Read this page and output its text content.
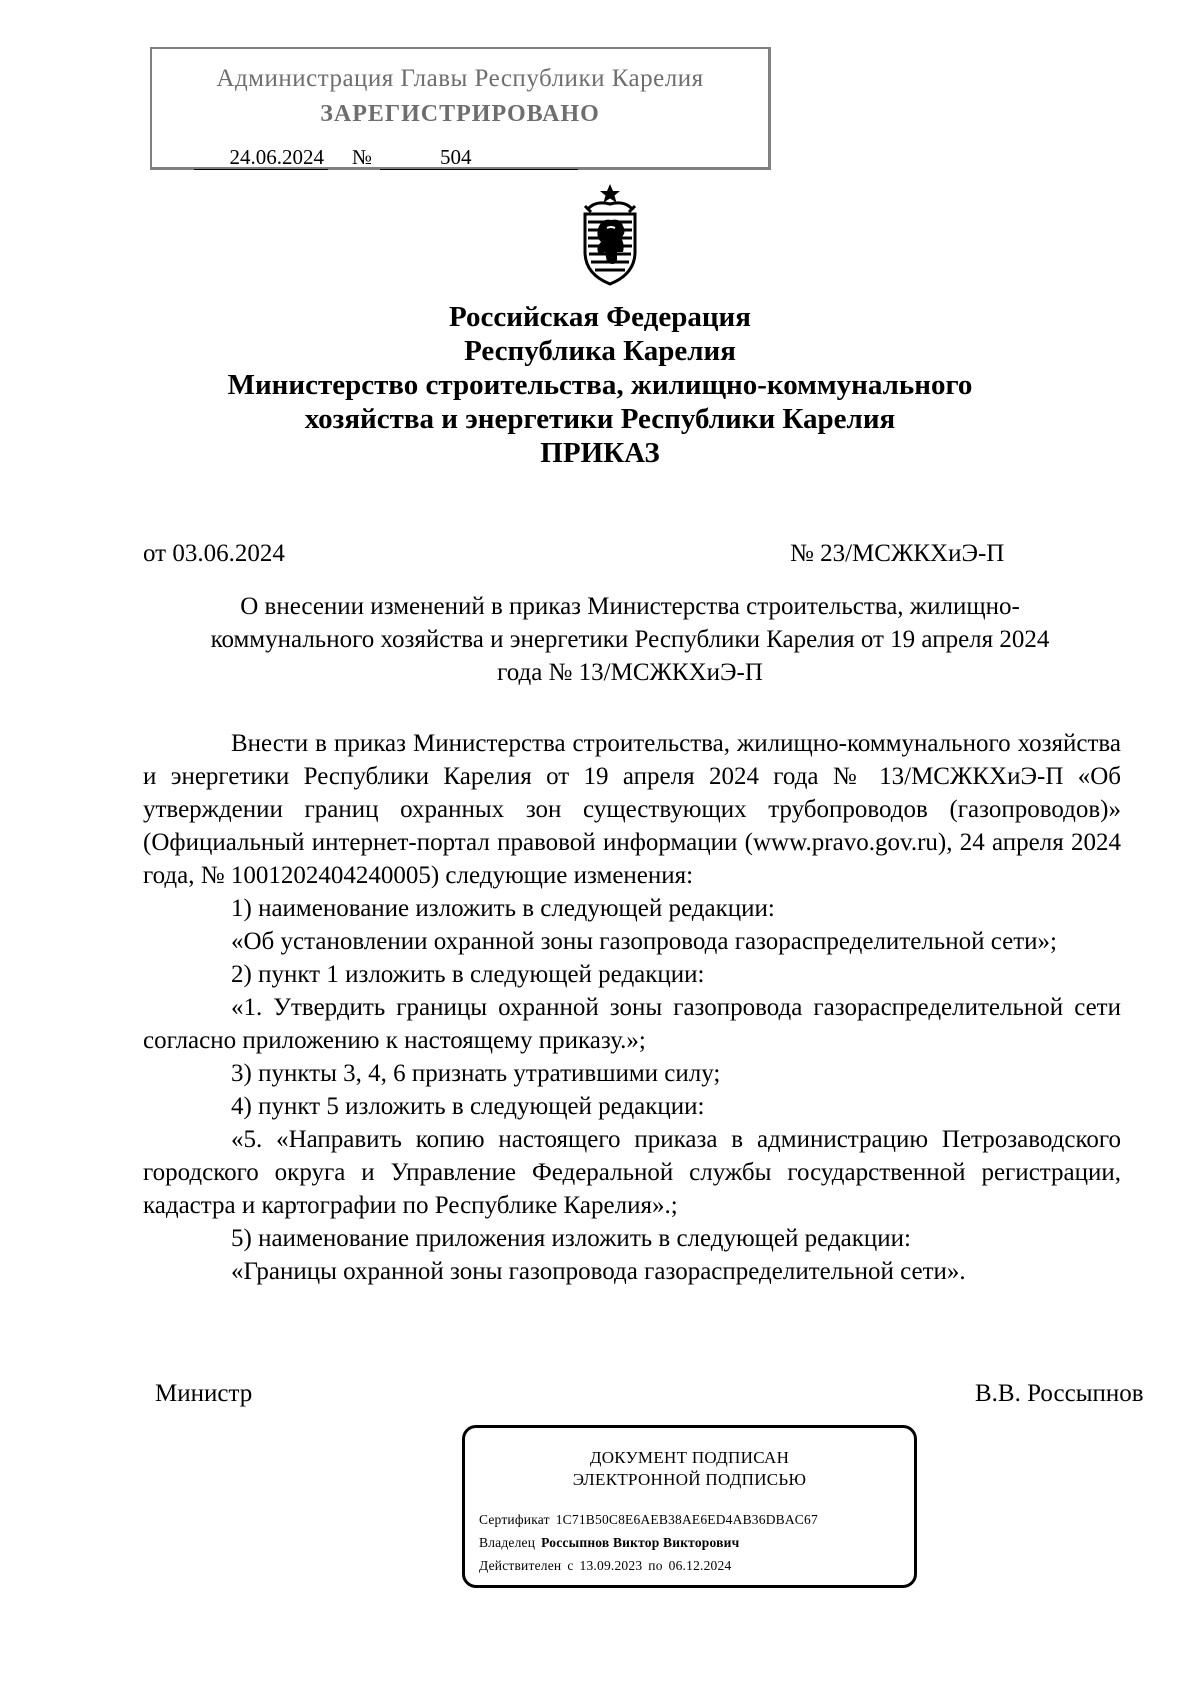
Администрация Главы Республики Карелия
ЗАРЕГИСТРИРОВАНО
24.06.2024 №	504
Российская Федерация
Республика Карелия
Министерство строительства, жилищно-коммунального
хозяйства и энергетики Республики Карелия
ПРИКАЗ
от 03.06.2024	№ 23/МСЖКХиЭ-П
О внесении изменений в приказ Министерства строительства, жилищно-
коммунального хозяйства и энергетики Республики Карелия от 19 апреля 2024
года № 13/МСЖКХиЭ-П

Внести в приказ Министерства строительства, жилищно-коммунального хозяйства и энергетики Республики Карелия от 19 апреля 2024 года № 13/МСЖКХиЭ-П «Об утверждении границ охранных зон существующих трубопроводов (газопроводов)» (Официальный интернет-портал правовой информации (www.pravo.gov.ru), 24 апреля 2024 года, № 1001202404240005) следующие изменения:

1) наименование изложить в следующей редакции:

«Об установлении охранной зоны газопровода газораспределительной сети»;

2) пункт 1 изложить в следующей редакции:

«1. Утвердить границы охранной зоны газопровода газораспределительной сети согласно приложению к настоящему приказу.»;

3) пункты 3, 4, 6 признать утратившими силу;

4) пункт 5 изложить в следующей редакции:

«5. «Направить копию настоящего приказа в администрацию Петрозаводского городского округа и Управление Федеральной службы государственной регистрации, кадастра и картографии по Республике Карелия».;

5) наименование приложения изложить в следующей редакции:

«Границы охранной зоны газопровода газораспределительной сети».

Министр	В.В. Россыпнов
ДОКУМЕНТ ПОДПИСАН
ЭЛЕКТРОННОЙ ПОДПИСЬЮ
Сертификат 1C71B50C8E6AEB38AE6ED4AB36DBAC67
Владелец Россыпнов Виктор Викторович
Действителен с 13.09.2023 по 06.12.2024
